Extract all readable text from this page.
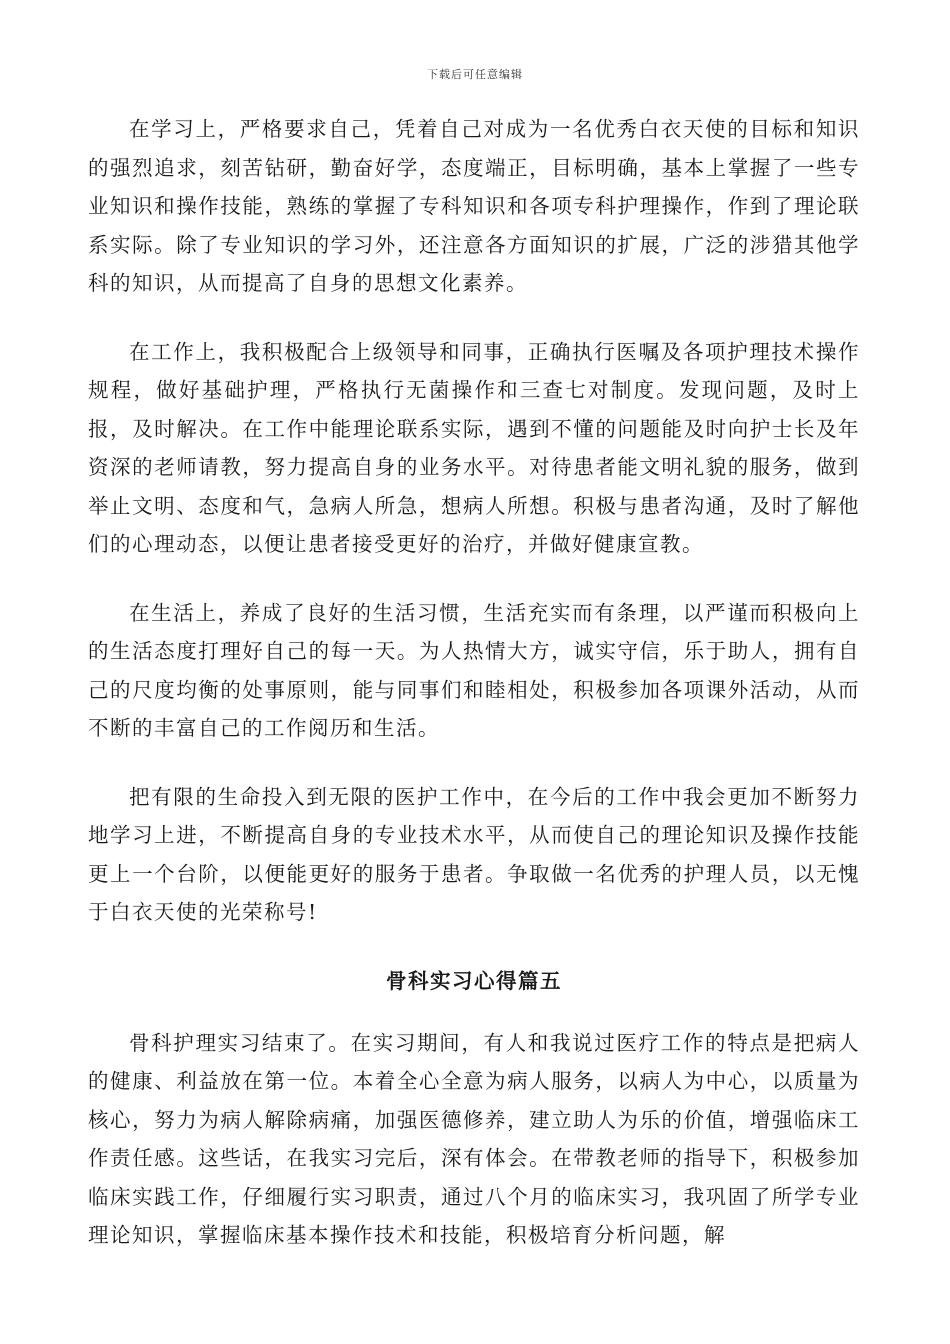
下载后可任意编辑

在学习上，严格要求自己，凭着自己对成为一名优秀白衣天使的目标和知识的强烈追求，刻苦钻研，勤奋好学，态度端正，目标明确，基本上掌握了一些专业知识和操作技能，熟练的掌握了专科知识和各项专科护理操作，作到了理论联系实际。除了专业知识的学习外，还注意各方面知识的扩展，广泛的涉猎其他学科的知识，从而提高了自身的思想文化素养。

在工作上，我积极配合上级领导和同事，正确执行医嘱及各项护理技术操作规程，做好基础护理，严格执行无菌操作和三查七对制度。发现问题，及时上报，及时解决。在工作中能理论联系实际，遇到不懂的问题能及时向护士长及年资深的老师请教，努力提高自身的业务水平。对待患者能文明礼貌的服务，做到举止文明、态度和气，急病人所急，想病人所想。积极与患者沟通，及时了解他们的心理动态，以便让患者接受更好的治疗，并做好健康宣教。

在生活上，养成了良好的生活习惯，生活充实而有条理，以严谨而积极向上的生活态度打理好自己的每一天。为人热情大方，诚实守信，乐于助人，拥有自己的尺度均衡的处事原则，能与同事们和睦相处，积极参加各项课外活动，从而不断的丰富自己的工作阅历和生活。

把有限的生命投入到无限的医护工作中，在今后的工作中我会更加不断努力地学习上进，不断提高自身的专业技术水平，从而使自己的理论知识及操作技能更上一个台阶，以便能更好的服务于患者。争取做一名优秀的护理人员，以无愧于白衣天使的光荣称号!

骨科实习心得篇五

骨科护理实习结束了。在实习期间，有人和我说过医疗工作的特点是把病人的健康、利益放在第一位。本着全心全意为病人服务，以病人为中心，以质量为核心，努力为病人解除病痛，加强医德修养，建立助人为乐的价值，增强临床工作责任感。这些话，在我实习完后，深有体会。在带教老师的指导下，积极参加临床实践工作，仔细履行实习职责，通过八个月的临床实习，我巩固了所学专业理论知识，掌握临床基本操作技术和技能，积极培育分析问题，解
